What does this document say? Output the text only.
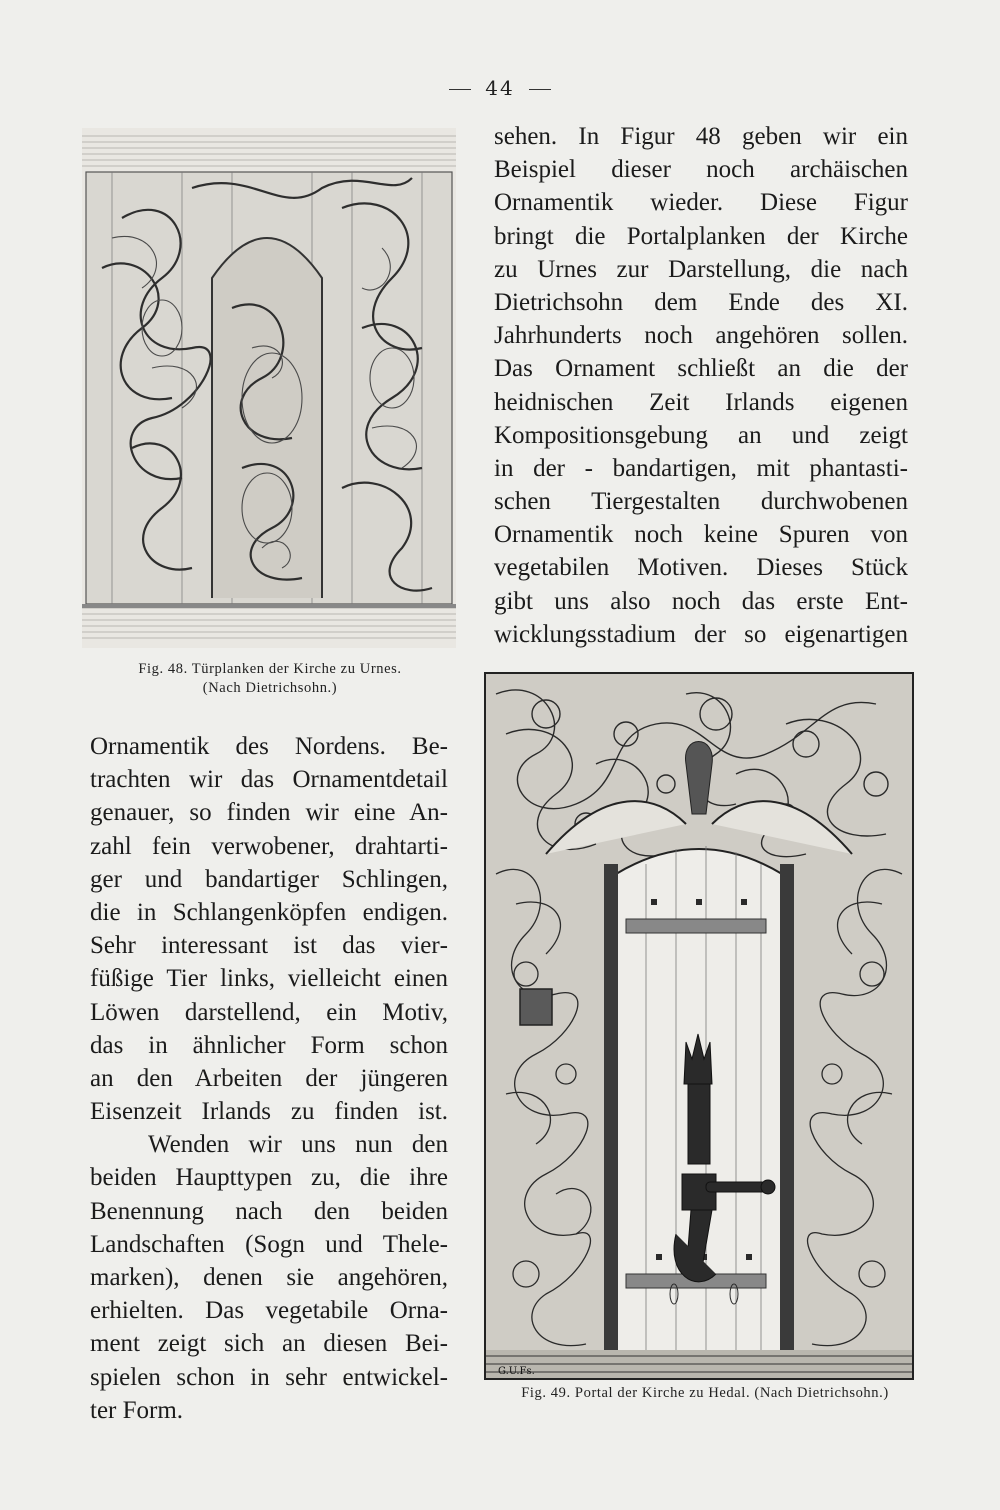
44
Fig. 48. Türplanken der Kirche zu Urnes.
(Nach Dietrichsohn.)
sehen. In Figur 48 geben wir ein
Beispiel dieser noch archäischen
Ornamentik wieder. Diese Figur
bringt die Portalplanken der Kirche
zu Urnes zur Darstellung, die nach
Dietrichsohn dem Ende des XI.
Jahrhunderts noch angehören sollen.
Das Ornament schließt an die der
heidnischen Zeit Irlands eigenen
Kompositionsgebung an und zeigt
in der - bandartigen, mit phantasti‑
schen Tiergestalten durchwobenen
Ornamentik noch keine Spuren von
vegetabilen Motiven. Dieses Stück
gibt uns also noch das erste Ent‑
wicklungsstadium der so eigenartigen
Ornamentik des Nordens. Be‑
trachten wir das Ornamentdetail
genauer, so finden wir eine An‑
zahl fein verwobener, drahtarti‑
ger und bandartiger Schlingen,
die in Schlangenköpfen endigen.
Sehr interessant ist das vier‑
füßige Tier links, vielleicht einen
Löwen darstellend, ein Motiv,
das in ähnlicher Form schon
an den Arbeiten der jüngeren
Eisenzeit Irlands zu finden ist.
Wenden wir uns nun den
beiden Haupttypen zu, die ihre
Benennung nach den beiden
Landschaften (Sogn und Thele‑
marken), denen sie angehören,
erhielten. Das vegetabile Orna‑
ment zeigt sich an diesen Bei‑
spielen schon in sehr entwickel‑
ter Form.
G.U.Fs.
Fig. 49. Portal der Kirche zu Hedal. (Nach Dietrichsohn.)
